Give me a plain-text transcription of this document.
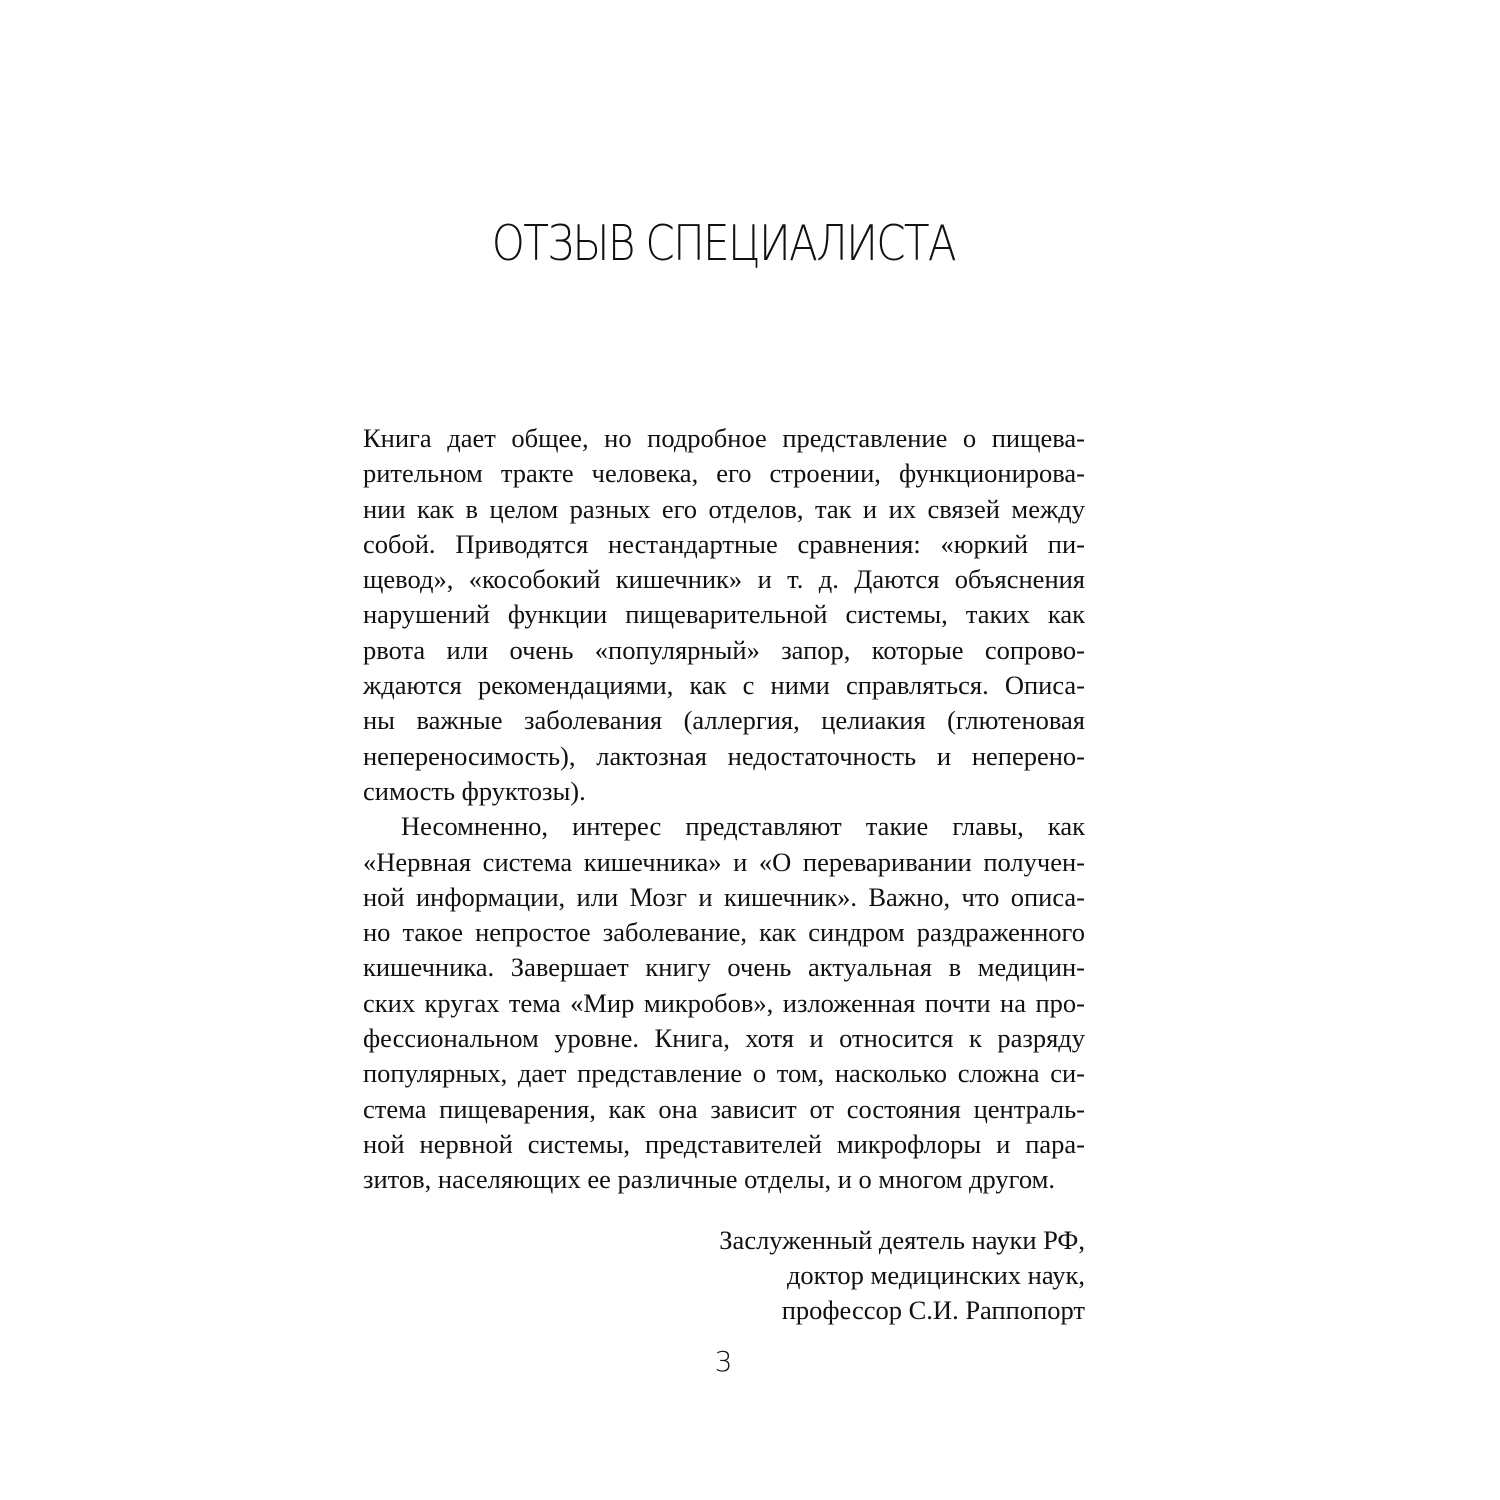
ОТЗЫВ СПЕЦИАЛИСТА

Книга дает общее, но подробное представление о пищева-
рительном тракте человека, его строении, функционирова-
нии как в целом разных его отделов, так и их связей между
собой. Приводятся нестандартные сравнения: «юркий пи-
щевод», «кособокий кишечник» и т. д. Даются объяснения
нарушений функции пищеварительной системы, таких как
рвота или очень «популярный» запор, которые сопрово-
ждаются рекомендациями, как с ними справляться. Описа-
ны важные заболевания (аллергия, целиакия (глютеновая
непереносимость), лактозная недостаточность и неперено-
симость фруктозы).

Несомненно, интерес представляют такие главы, как
«Нервная система кишечника» и «О переваривании получен-
ной информации, или Мозг и кишечник». Важно, что описа-
но такое непростое заболевание, как синдром раздраженного
кишечника. Завершает книгу очень актуальная в медицин-
ских кругах тема «Мир микробов», изложенная почти на про-
фессиональном уровне. Книга, хотя и относится к разряду
популярных, дает представление о том, насколько сложна си-
стема пищеварения, как она зависит от состояния централь-
ной нервной системы, представителей микрофлоры и пара-
зитов, населяющих ее различные отделы, и о многом другом.

Заслуженный деятель науки РФ,
доктор медицинских наук,
профессор С.И. Раппопорт
3
